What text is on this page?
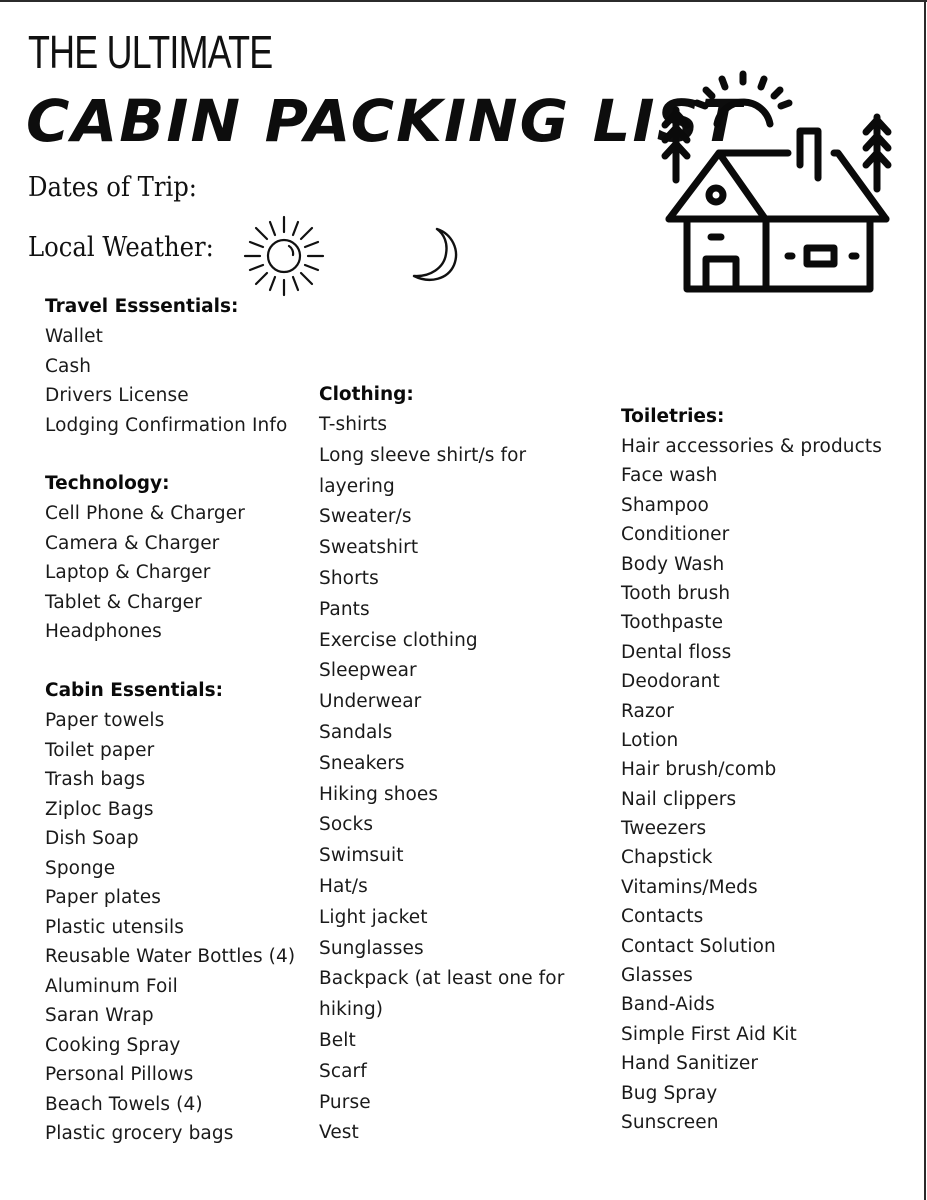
THE ULTIMATE
CABIN PACKING LIST
Dates of Trip:
Local Weather:
Travel Esssentials:
Wallet
Cash
Drivers License
Lodging Confirmation Info
Technology:
Cell Phone & Charger
Camera & Charger
Laptop & Charger
Tablet & Charger
Headphones
Cabin Essentials:
Paper towels
Toilet paper
Trash bags
Ziploc Bags
Dish Soap
Sponge
Paper plates
Plastic utensils
Reusable Water Bottles (4)
Aluminum Foil
Saran Wrap
Cooking Spray
Personal Pillows
Beach Towels (4)
Plastic grocery bags
Clothing:
T-shirts
Long sleeve shirt/s for
layering
Sweater/s
Sweatshirt
Shorts
Pants
Exercise clothing
Sleepwear
Underwear
Sandals
Sneakers
Hiking shoes
Socks
Swimsuit
Hat/s
Light jacket
Sunglasses
Backpack (at least one for
hiking)
Belt
Scarf
Purse
Vest
Toiletries:
Hair accessories & products
Face wash
Shampoo
Conditioner
Body Wash
Tooth brush
Toothpaste
Dental floss
Deodorant
Razor
Lotion
Hair brush/comb
Nail clippers
Tweezers
Chapstick
Vitamins/Meds
Contacts
Contact Solution
Glasses
Band-Aids
Simple First Aid Kit
Hand Sanitizer
Bug Spray
Sunscreen
